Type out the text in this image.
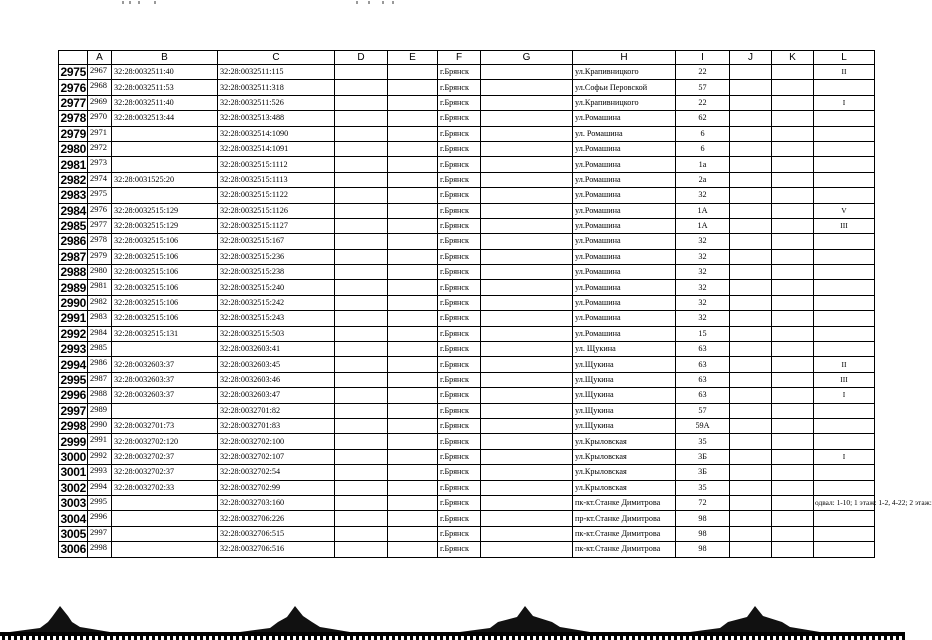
	A	B	C	D	E	F	G	H	I	J	K	L
2975	2967	32:28:0032511:40	32:28:0032511:115			г.Брянск		ул.Крапивницкого	22			II
2976	2968	32:28:0032511:53	32:28:0032511:318			г.Брянск		ул.Софьи Перовской	57			
2977	2969	32:28:0032511:40	32:28:0032511:526			г.Брянск		ул.Крапивницкого	22			I
2978	2970	32:28:0032513:44	32:28:0032513:488			г.Брянск		ул.Ромашина	62			
2979	2971		32:28:0032514:1090			г.Брянск		ул. Ромашина	6			
2980	2972		32:28:0032514:1091			г.Брянск		ул.Ромашина	6			
2981	2973		32:28:0032515:1112			г.Брянск		ул.Ромашина	1а			
2982	2974	32:28:0031525:20	32:28:0032515:1113			г.Брянск		ул.Ромашина	2а			
2983	2975		32:28:0032515:1122			г.Брянск		ул.Ромашина	32			
2984	2976	32:28:0032515:129	32:28:0032515:1126			г.Брянск		ул.Ромашина	1А			V
2985	2977	32:28:0032515:129	32:28:0032515:1127			г.Брянск		ул.Ромашина	1А			III
2986	2978	32:28:0032515:106	32:28:0032515:167			г.Брянск		ул.Ромашина	32			
2987	2979	32:28:0032515:106	32:28:0032515:236			г.Брянск		ул.Ромашина	32			
2988	2980	32:28:0032515:106	32:28:0032515:238			г.Брянск		ул.Ромашина	32			
2989	2981	32:28:0032515:106	32:28:0032515:240			г.Брянск		ул.Ромашина	32			
2990	2982	32:28:0032515:106	32:28:0032515:242			г.Брянск		ул.Ромашина	32			
2991	2983	32:28:0032515:106	32:28:0032515:243			г.Брянск		ул.Ромашина	32			
2992	2984	32:28:0032515:131	32:28:0032515:503			г.Брянск		ул.Ромашина	15			
2993	2985		32:28:0032603:41			г.Брянск		ул. Щукина	63			
2994	2986	32:28:0032603:37	32:28:0032603:45			г.Брянск		ул.Щукина	63			II
2995	2987	32:28:0032603:37	32:28:0032603:46			г.Брянск		ул.Щукина	63			III
2996	2988	32:28:0032603:37	32:28:0032603:47			г.Брянск		ул.Щукина	63			I
2997	2989		32:28:0032701:82			г.Брянск		ул.Щукина	57			
2998	2990	32:28:0032701:73	32:28:0032701:83			г.Брянск		ул.Щукина	59А			
2999	2991	32:28:0032702:120	32:28:0032702:100			г.Брянск		ул.Крыловская	35			
3000	2992	32:28:0032702:37	32:28:0032702:107			г.Брянск		ул.Крыловская	3Б			I
3001	2993	32:28:0032702:37	32:28:0032702:54			г.Брянск		ул.Крыловская	3Б			
3002	2994	32:28:0032702:33	32:28:0032702:99			г.Брянск		ул.Крыловская	35			
3003	2995		32:28:0032703:160			г.Брянск		пк-кт.Станке Димитрова	72			одвал: 1-10; 1 этаж: 1-2, 4-22; 2 этаж:
3004	2996		32:28:0032706:226			г.Брянск		пр-кт.Станке Димитрова	98			
3005	2997		32:28:0032706:515			г.Брянск		пк-кт.Станке Димитрова	98			
3006	2998		32:28:0032706:516			г.Брянск		пк-кт.Станке Димитрова	98			
